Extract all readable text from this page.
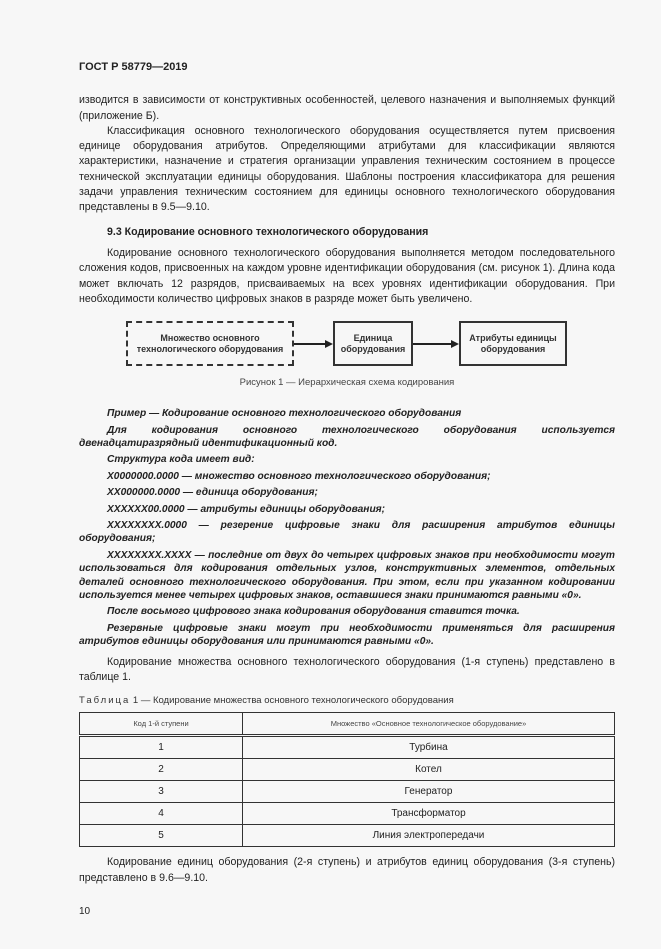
ГОСТ Р 58779—2019

изводится в зависимости от конструктивных особенностей, целевого назначения и выполняемых функций (приложение Б).

Классификация основного технологического оборудования осуществляется путем присвоения единице оборудования атрибутов. Определяющими атрибутами для классификации являются характеристики, назначение и стратегия организации управления техническим состоянием в процессе технической эксплуатации единицы оборудования. Шаблоны построения классификатора для решения задачи управления техническим состоянием для единицы основного технологического оборудования представлены в 9.5—9.10.

9.3 Кодирование основного технологического оборудования

Кодирование основного технологического оборудования выполняется методом последовательного сложения кодов, присвоенных на каждом уровне идентификации оборудования (см. рисунок 1). Длина кода может включать 12 разрядов, присваиваемых на всех уровнях идентификации оборудования. При необходимости количество цифровых знаков в разряде может быть увеличено.

Множество основного технологического оборудования
Единица оборудования
Атрибуты единицы оборудования
Рисунок 1 — Иерархическая схема кодирования

Пример — Кодирование основного технологического оборудования

Для кодирования основного технологического оборудования используется двенадцатиразрядный идентификационный код.

Структура кода имеет вид:

X0000000.0000 — множество основного технологического оборудования;

XX000000.0000 — единица оборудования;

XXXXXX00.0000 — атрибуты единицы оборудования;

XXXXXXXX.0000 — резерение цифровые знаки для расширения атрибутов единицы оборудования;

XXXXXXXX.XXXX — последние от двух до четырех цифровых знаков при необходимости могут использоваться для кодирования отдельных узлов, конструктивных элементов, отдельных деталей основного технологического оборудования. При этом, если при указанном кодировании используется менее четырех цифровых знаков, оставшиеся знаки принимаются равными «0».

После восьмого цифрового знака кодирования оборудования ставится точка.

Резервные цифровые знаки могут при необходимости применяться для расширения атрибутов единицы оборудования или принимаются равными «0».

Кодирование множества основного технологического оборудования (1-я ступень) представлено в таблице 1.

Таблица 1 — Кодирование множества основного технологического оборудования
Код 1-й ступени	Множество «Основное технологическое оборудование»
1	Турбина
2	Котел
3	Генератор
4	Трансформатор
5	Линия электропередачи

Кодирование единиц оборудования (2-я ступень) и атрибутов единиц оборудования (3-я ступень) представлено в 9.6—9.10.

10
